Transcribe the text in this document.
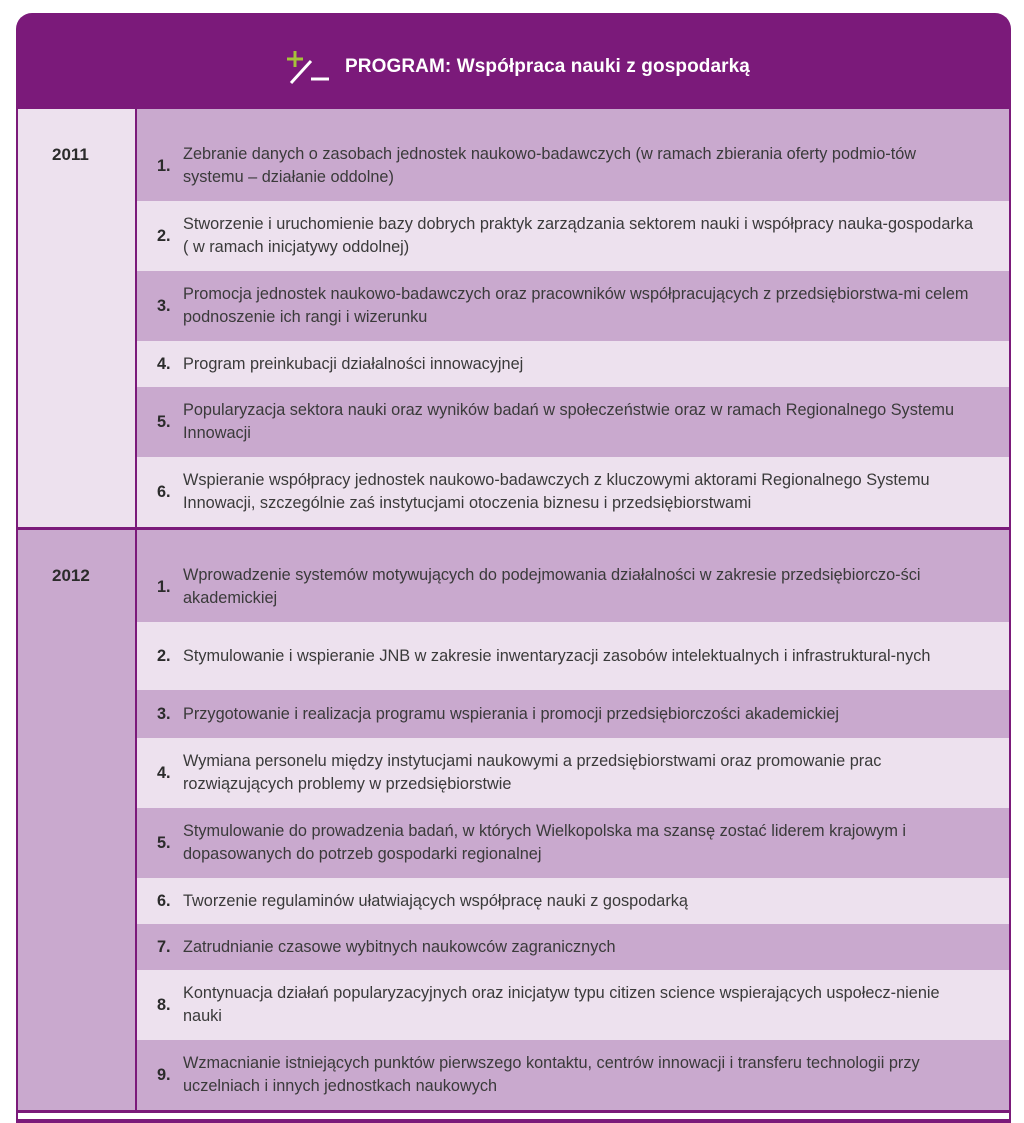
PROGRAM: Współpraca nauki z gospodarką
2011
1.
Zebranie danych o zasobach jednostek naukowo-badawczych (w ramach zbierania oferty podmio-tów systemu – działanie oddolne)
2.
Stworzenie i uruchomienie bazy dobrych praktyk zarządzania sektorem nauki i współpracy nauka-gospodarka ( w ramach inicjatywy oddolnej)
3.
Promocja jednostek naukowo-badawczych oraz pracowników współpracujących z przedsiębiorstwa-mi celem podnoszenie ich rangi i wizerunku
4. Program preinkubacji działalności innowacyjnej
5.
Popularyzacja sektora nauki oraz wyników badań w społeczeństwie oraz w ramach Regionalnego Systemu Innowacji
6.
Wspieranie współpracy jednostek naukowo-badawczych z kluczowymi aktorami Regionalnego Systemu Innowacji, szczególnie zaś instytucjami otoczenia biznesu i przedsiębiorstwami
2012
1.
Wprowadzenie systemów motywujących do podejmowania działalności w zakresie przedsiębiorczo-ści akademickiej
2. Stymulowanie i wspieranie JNB w zakresie inwentaryzacji zasobów intelektualnych i infrastruktural-nych
3. Przygotowanie i realizacja programu wspierania i promocji przedsiębiorczości akademickiej
4.
Wymiana personelu między instytucjami naukowymi a przedsiębiorstwami oraz promowanie prac rozwiązujących problemy w przedsiębiorstwie
5.
Stymulowanie do prowadzenia badań, w których Wielkopolska ma szansę zostać liderem krajowym i dopasowanych do potrzeb gospodarki regionalnej
6. Tworzenie regulaminów ułatwiających współpracę nauki z gospodarką
7. Zatrudnianie czasowe wybitnych naukowców zagranicznych
8.
Kontynuacja działań popularyzacyjnych oraz inicjatyw typu citizen science wspierających uspołecz-nienie nauki
9.
Wzmacnianie istniejących punktów pierwszego kontaktu, centrów innowacji i transferu technologii przy uczelniach i innych jednostkach naukowych
